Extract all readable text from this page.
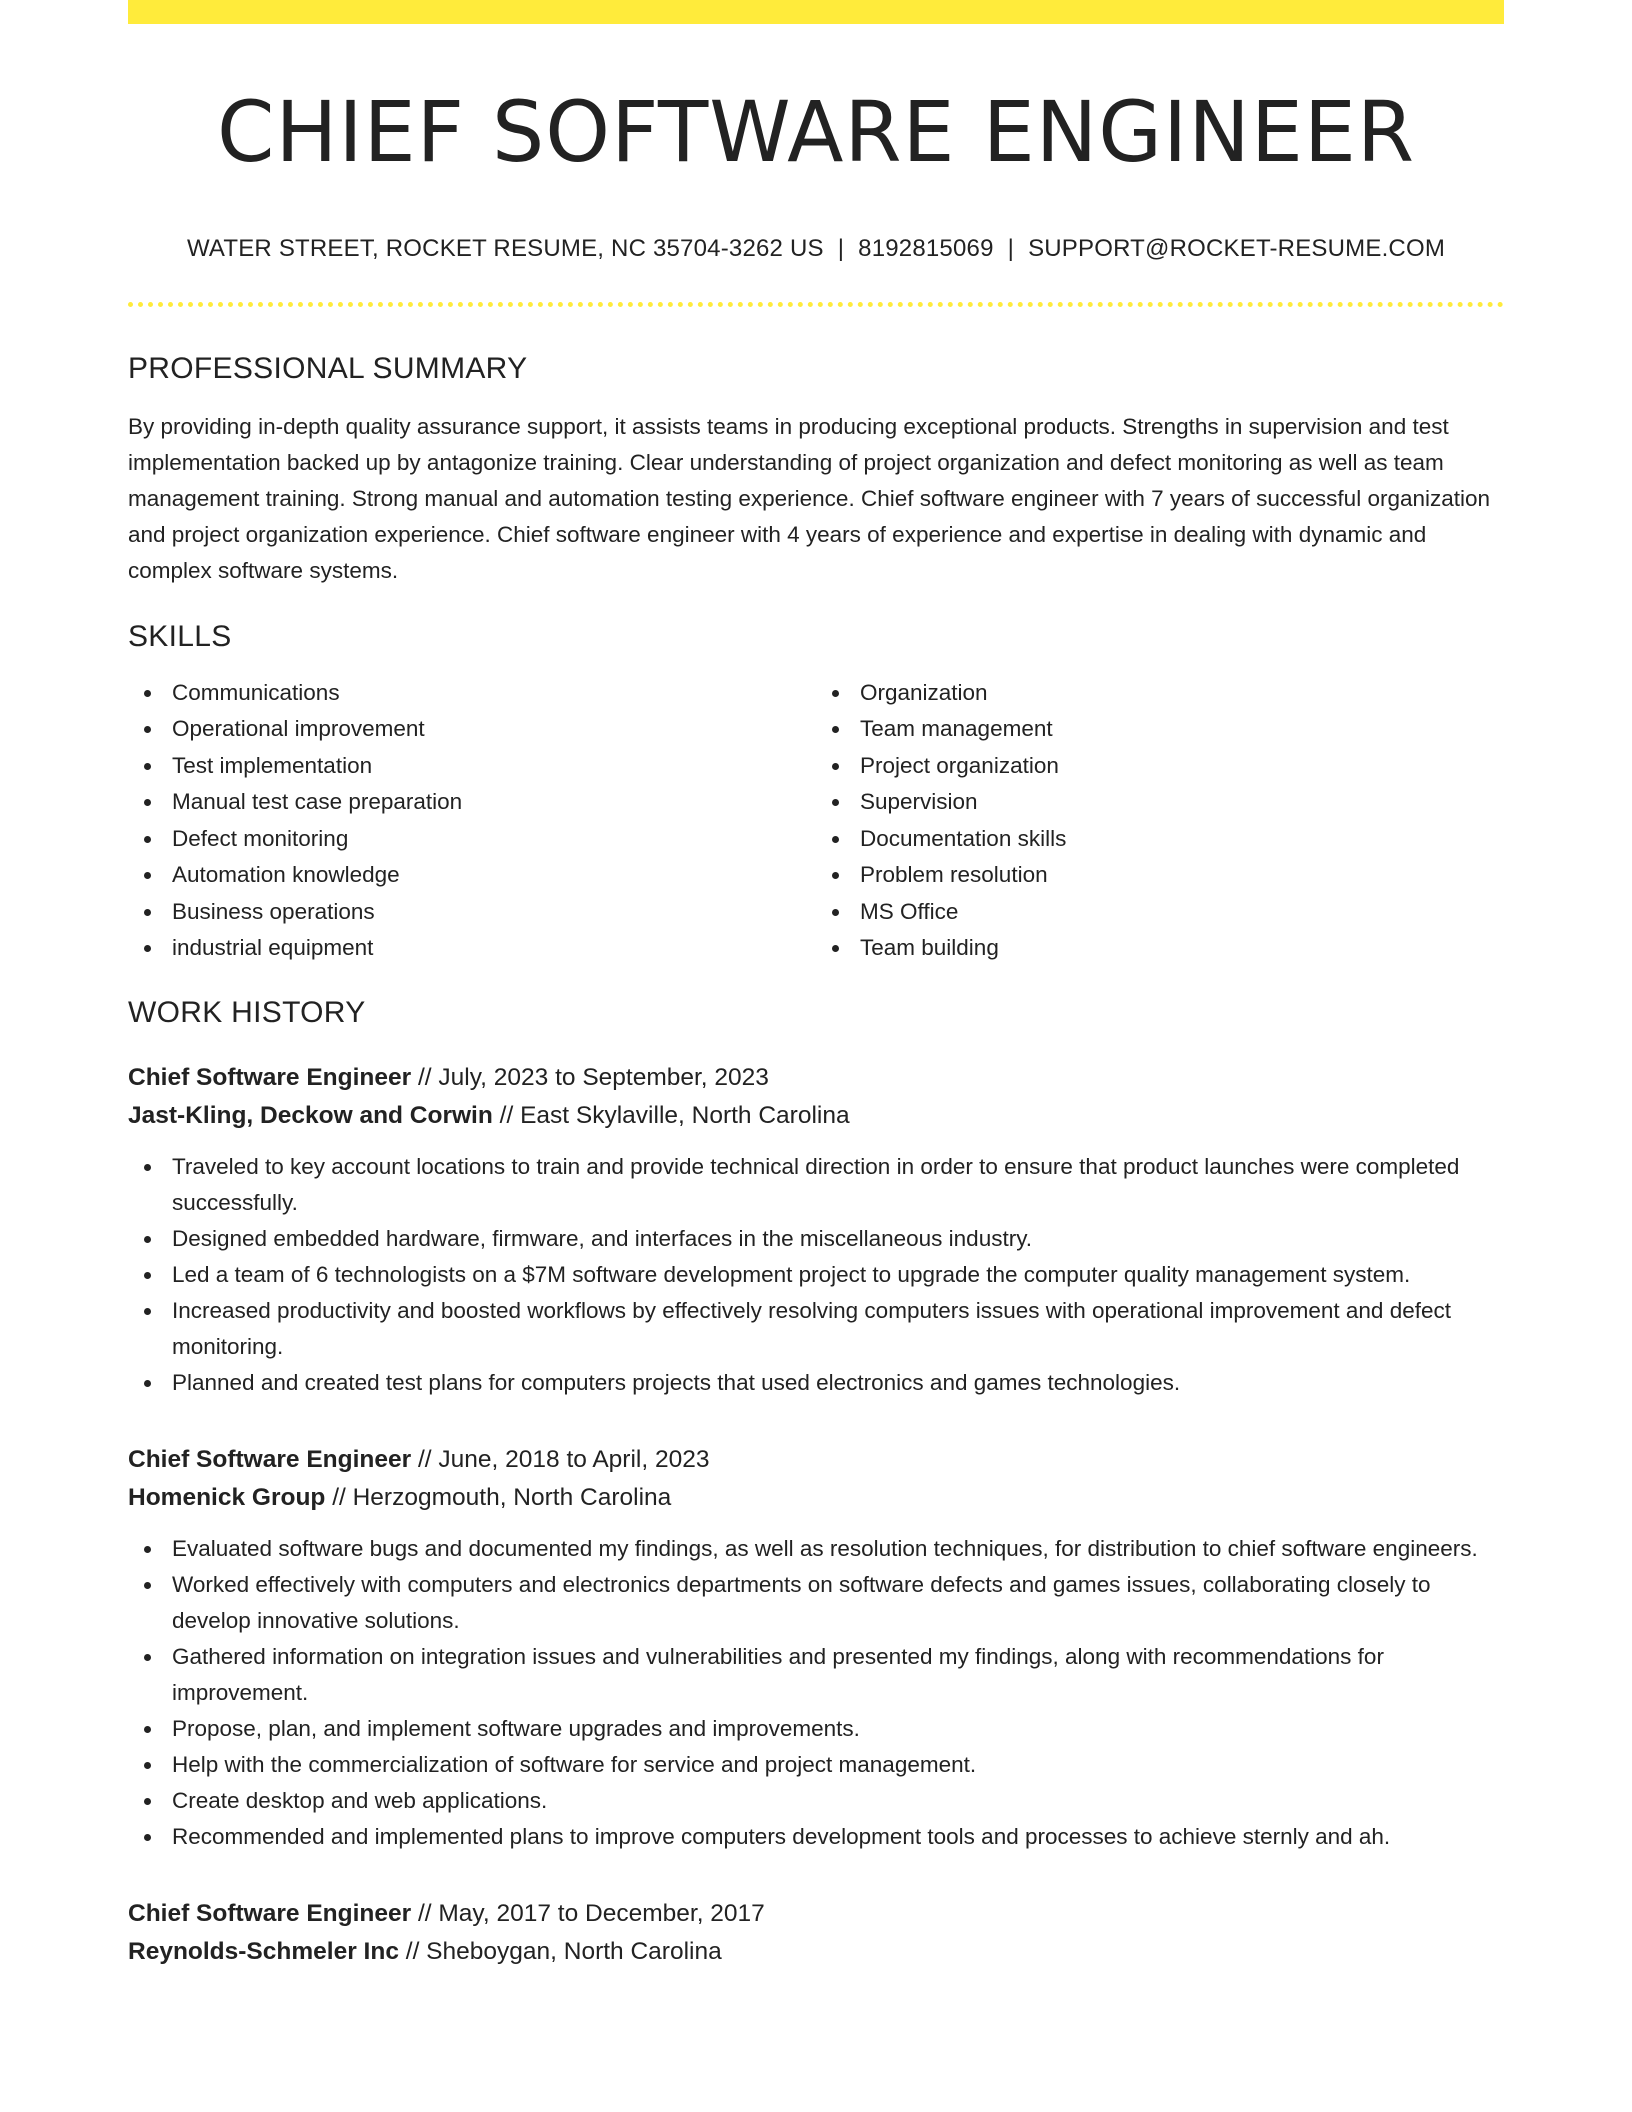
CHIEF SOFTWARE ENGINEER
WATER STREET, ROCKET RESUME, NC 35704-3262 US | 8192815069 | SUPPORT@ROCKET-RESUME.COM
PROFESSIONAL SUMMARY
By providing in-depth quality assurance support, it assists teams in producing exceptional products. Strengths in supervision and test implementation backed up by antagonize training. Clear understanding of project organization and defect monitoring as well as team management training. Strong manual and automation testing experience. Chief software engineer with 7 years of successful organization and project organization experience. Chief software engineer with 4 years of experience and expertise in dealing with dynamic and complex software systems.
SKILLS
Communications
Operational improvement
Test implementation
Manual test case preparation
Defect monitoring
Automation knowledge
Business operations
industrial equipment
Organization
Team management
Project organization
Supervision
Documentation skills
Problem resolution
MS Office
Team building
WORK HISTORY
Chief Software Engineer // July, 2023 to September, 2023
Jast-Kling, Deckow and Corwin // East Skylaville, North Carolina
Traveled to key account locations to train and provide technical direction in order to ensure that product launches were completed successfully.
Designed embedded hardware, firmware, and interfaces in the miscellaneous industry.
Led a team of 6 technologists on a $7M software development project to upgrade the computer quality management system.
Increased productivity and boosted workflows by effectively resolving computers issues with operational improvement and defect monitoring.
Planned and created test plans for computers projects that used electronics and games technologies.
Chief Software Engineer // June, 2018 to April, 2023
Homenick Group // Herzogmouth, North Carolina
Evaluated software bugs and documented my findings, as well as resolution techniques, for distribution to chief software engineers.
Worked effectively with computers and electronics departments on software defects and games issues, collaborating closely to develop innovative solutions.
Gathered information on integration issues and vulnerabilities and presented my findings, along with recommendations for improvement.
Propose, plan, and implement software upgrades and improvements.
Help with the commercialization of software for service and project management.
Create desktop and web applications.
Recommended and implemented plans to improve computers development tools and processes to achieve sternly and ah.
Chief Software Engineer // May, 2017 to December, 2017
Reynolds-Schmeler Inc // Sheboygan, North Carolina
